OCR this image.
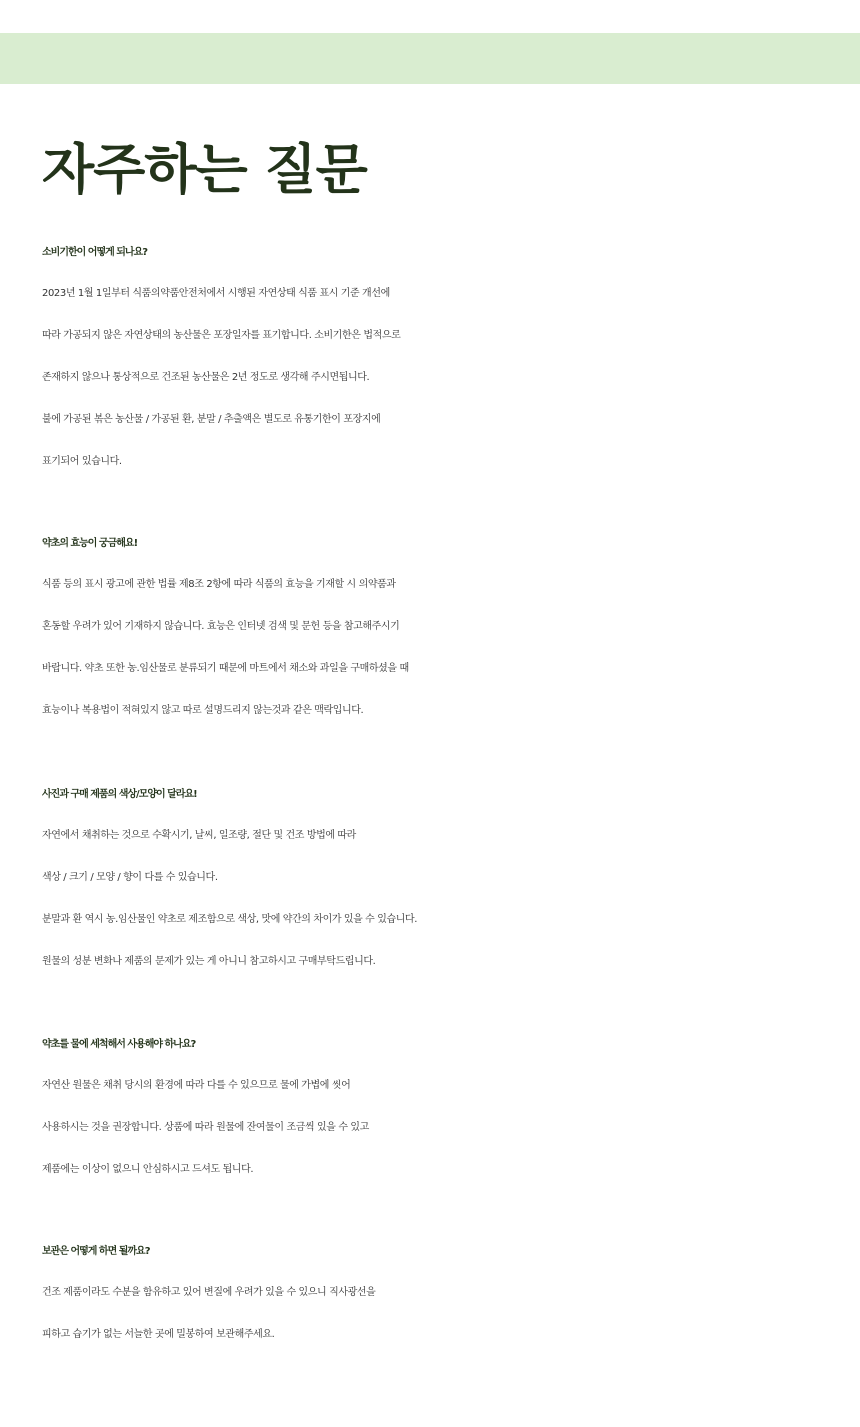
자주하는 질문
소비기한이 어떻게 되나요?

2023년 1월 1일부터 식품의약품안전처에서 시행된 자연상태 식품 표시 기준 개선에
따라 가공되지 않은 자연상태의 농산물은 포장일자를 표기합니다. 소비기한은 법적으로
존재하지 않으나 통상적으로 건조된 농산물은 2년 정도로 생각해 주시면됩니다.
불에 가공된 볶은 농산물 / 가공된 환, 분말 / 추출액은 별도로 유통기한이 포장지에
표기되어 있습니다.

약초의 효능이 궁금해요!

식품 등의 표시 광고에 관한 법률 제8조 2항에 따라 식품의 효능을 기재할 시 의약품과
혼동할 우려가 있어 기재하지 않습니다. 효능은 인터넷 검색 및 문헌 등을 참고해주시기
바랍니다. 약초 또한 농.임산물로 분류되기 때문에 마트에서 채소와 과일을 구매하셨을 때
효능이나 복용법이 적혀있지 않고 따로 설명드리지 않는것과 같은 맥락입니다.

사진과 구매 제품의 색상/모양이 달라요!

자연에서 채취하는 것으로 수확시기, 날씨, 일조량, 절단 및 건조 방법에 따라
색상 / 크기 / 모양 / 향이 다를 수 있습니다.
분말과 환 역시 농.임산물인 약초로 제조함으로 색상, 맛에 약간의 차이가 있을 수 있습니다.
원물의 성분 변화나 제품의 문제가 있는 게 아니니 참고하시고 구매부탁드립니다.

약초를 물에 세척해서 사용해야 하나요?

자연산 원물은 채취 당시의 환경에 따라 다를 수 있으므로 물에 가볍에 씻어
사용하시는 것을 권장합니다. 상품에 따라 원물에 잔여물이 조금씩 있을 수 있고
제품에는 이상이 없으니 안심하시고 드셔도 됩니다.

보관은 어떻게 하면 될까요?

건조 제품이라도 수분을 함유하고 있어 변질에 우려가 있을 수 있으니 직사광선을
피하고 습기가 없는 서늘한 곳에 밀봉하여 보관해주세요.
